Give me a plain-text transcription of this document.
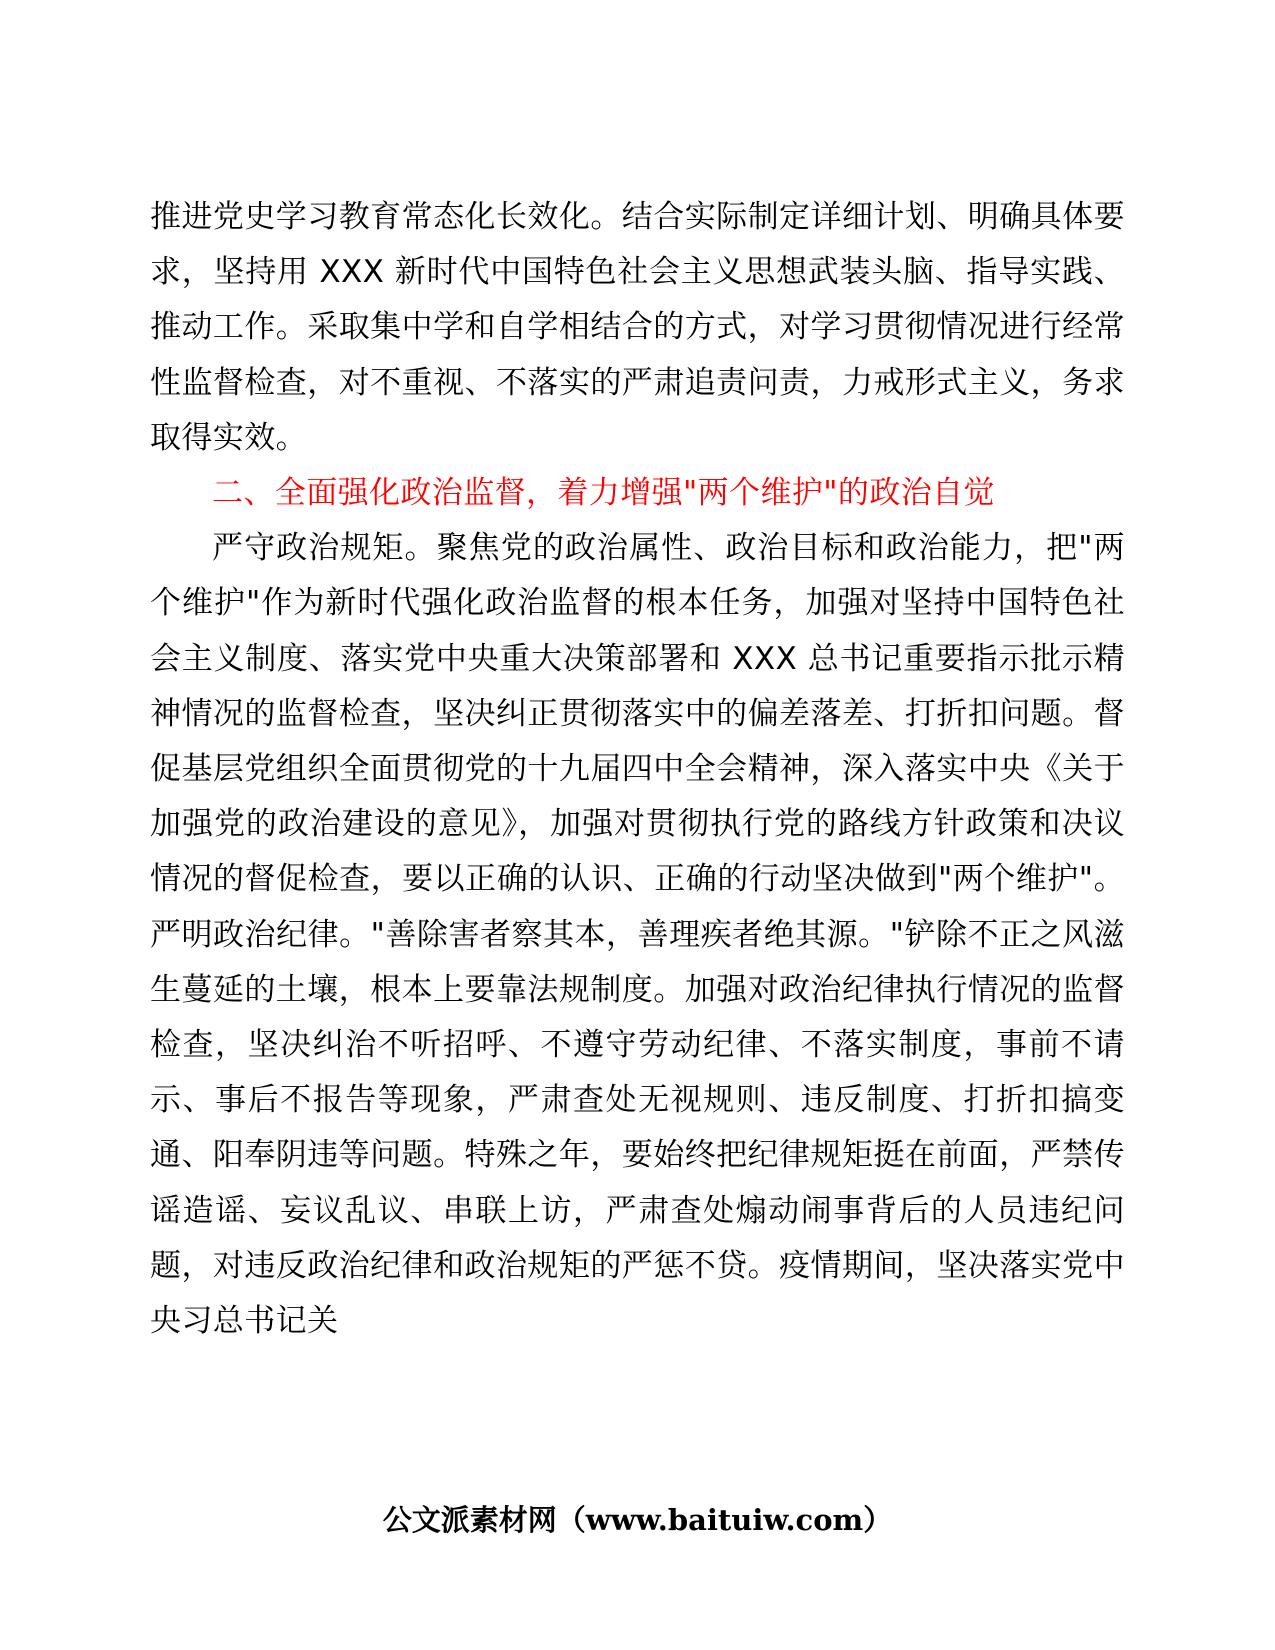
推进党史学习教育常态化长效化。结合实际制定详细计划、明确具体要求，坚持用 XXX 新时代中国特色社会主义思想武装头脑、指导实践、推动工作。采取集中学和自学相结合的方式，对学习贯彻情况进行经常性监督检查，对不重视、不落实的严肃追责问责，力戒形式主义，务求取得实效。

二、全面强化政治监督，着力增强"两个维护"的政治自觉

严守政治规矩。聚焦党的政治属性、政治目标和政治能力，把"两个维护"作为新时代强化政治监督的根本任务，加强对坚持中国特色社会主义制度、落实党中央重大决策部署和 XXX 总书记重要指示批示精神情况的监督检查，坚决纠正贯彻落实中的偏差落差、打折扣问题。督促基层党组织全面贯彻党的十九届四中全会精神，深入落实中央《关于加强党的政治建设的意见》，加强对贯彻执行党的路线方针政策和决议情况的督促检查，要以正确的认识、正确的行动坚决做到"两个维护"。严明政治纪律。"善除害者察其本，善理疾者绝其源。"铲除不正之风滋生蔓延的土壤，根本上要靠法规制度。加强对政治纪律执行情况的监督检查，坚决纠治不听招呼、不遵守劳动纪律、不落实制度，事前不请示、事后不报告等现象，严肃查处无视规则、违反制度、打折扣搞变通、阳奉阴违等问题。特殊之年，要始终把纪律规矩挺在前面，严禁传谣造谣、妄议乱议、串联上访，严肃查处煽动闹事背后的人员违纪问题，对违反政治纪律和政治规矩的严惩不贷。疫情期间，坚决落实党中央习总书记关

公文派素材网（www.baituiw.com）
